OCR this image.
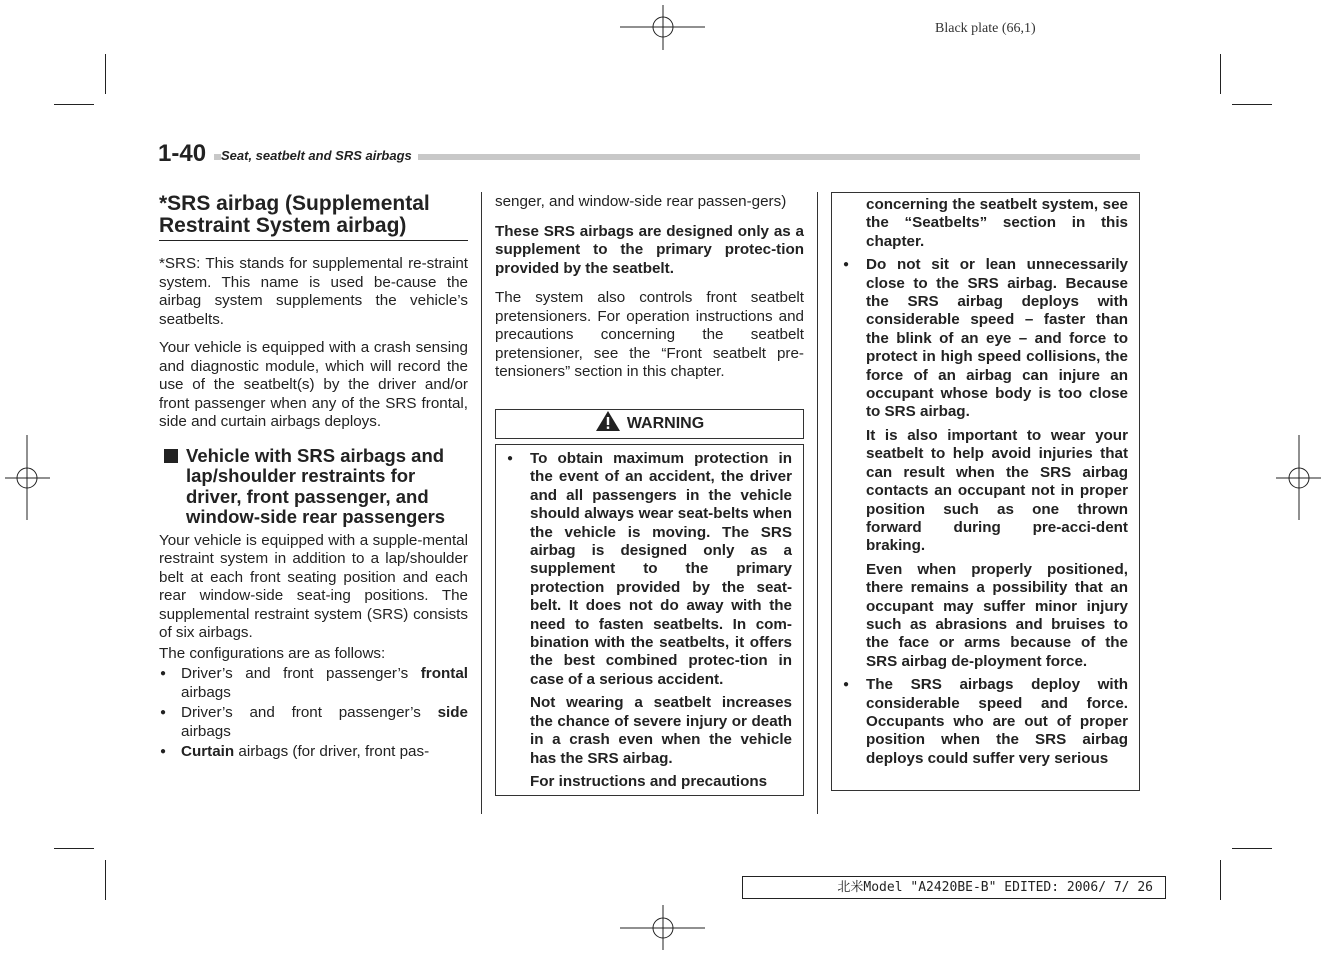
Black plate (66,1)
1-40	Seat, seatbelt and SRS airbags
*SRS airbag (Supplemental Restraint System airbag)

*SRS: This stands for supplemental re-straint system. This name is used be-cause the airbag system supplements the vehicle’s seatbelts.

Your vehicle is equipped with a crash sensing and diagnostic module, which will record the use of the seatbelt(s) by the driver and/or front passenger when any of the SRS frontal, side and curtain airbags deploys.

Vehicle with SRS airbags and lap/shoulder restraints for driver, front passenger, and window-side rear passengers

Your vehicle is equipped with a supple-mental restraint system in addition to a lap/shoulder belt at each front seating position and each rear window-side seat-ing positions. The supplemental restraint system (SRS) consists of six airbags.

The configurations are as follows:

● Driver’s and front passenger’s frontal airbags
● Driver’s and front passenger’s side airbags
● Curtain airbags (for driver, front pas-

senger, and window-side rear passen-gers)

These SRS airbags are designed only as a supplement to the primary protec-tion provided by the seatbelt.

The system also controls front seatbelt pretensioners. For operation instructions and precautions concerning the seatbelt pretensioner, see the “Front seatbelt pre-tensioners” section in this chapter.

WARNING

● To obtain maximum protection in the event of an accident, the driver and all passengers in the vehicle should always wear seat-belts when the vehicle is moving. The SRS airbag is designed only as a supplement to the primary protection provided by the seat-belt. It does not do away with the need to fasten seatbelts. In com-bination with the seatbelts, it offers the best combined protec-tion in case of a serious accident.

Not wearing a seatbelt increases the chance of severe injury or death in a crash even when the vehicle has the SRS airbag.

For instructions and precautions

concerning the seatbelt system, see the “Seatbelts” section in this chapter.

● Do not sit or lean unnecessarily close to the SRS airbag. Because the SRS airbag deploys with considerable speed – faster than the blink of an eye – and force to protect in high speed collisions, the force of an airbag can injure an occupant whose body is too close to SRS airbag.

It is also important to wear your seatbelt to help avoid injuries that can result when the SRS airbag contacts an occupant not in proper position such as one thrown forward during pre-acci-dent braking.

Even when properly positioned, there remains a possibility that an occupant may suffer minor injury such as abrasions and bruises to the face or arms because of the SRS airbag de-ployment force.

● The SRS airbags deploy with considerable speed and force. Occupants who are out of proper position when the SRS airbag deploys could suffer very serious

北米Model "A2420BE-B" EDITED: 2006/ 7/ 26
